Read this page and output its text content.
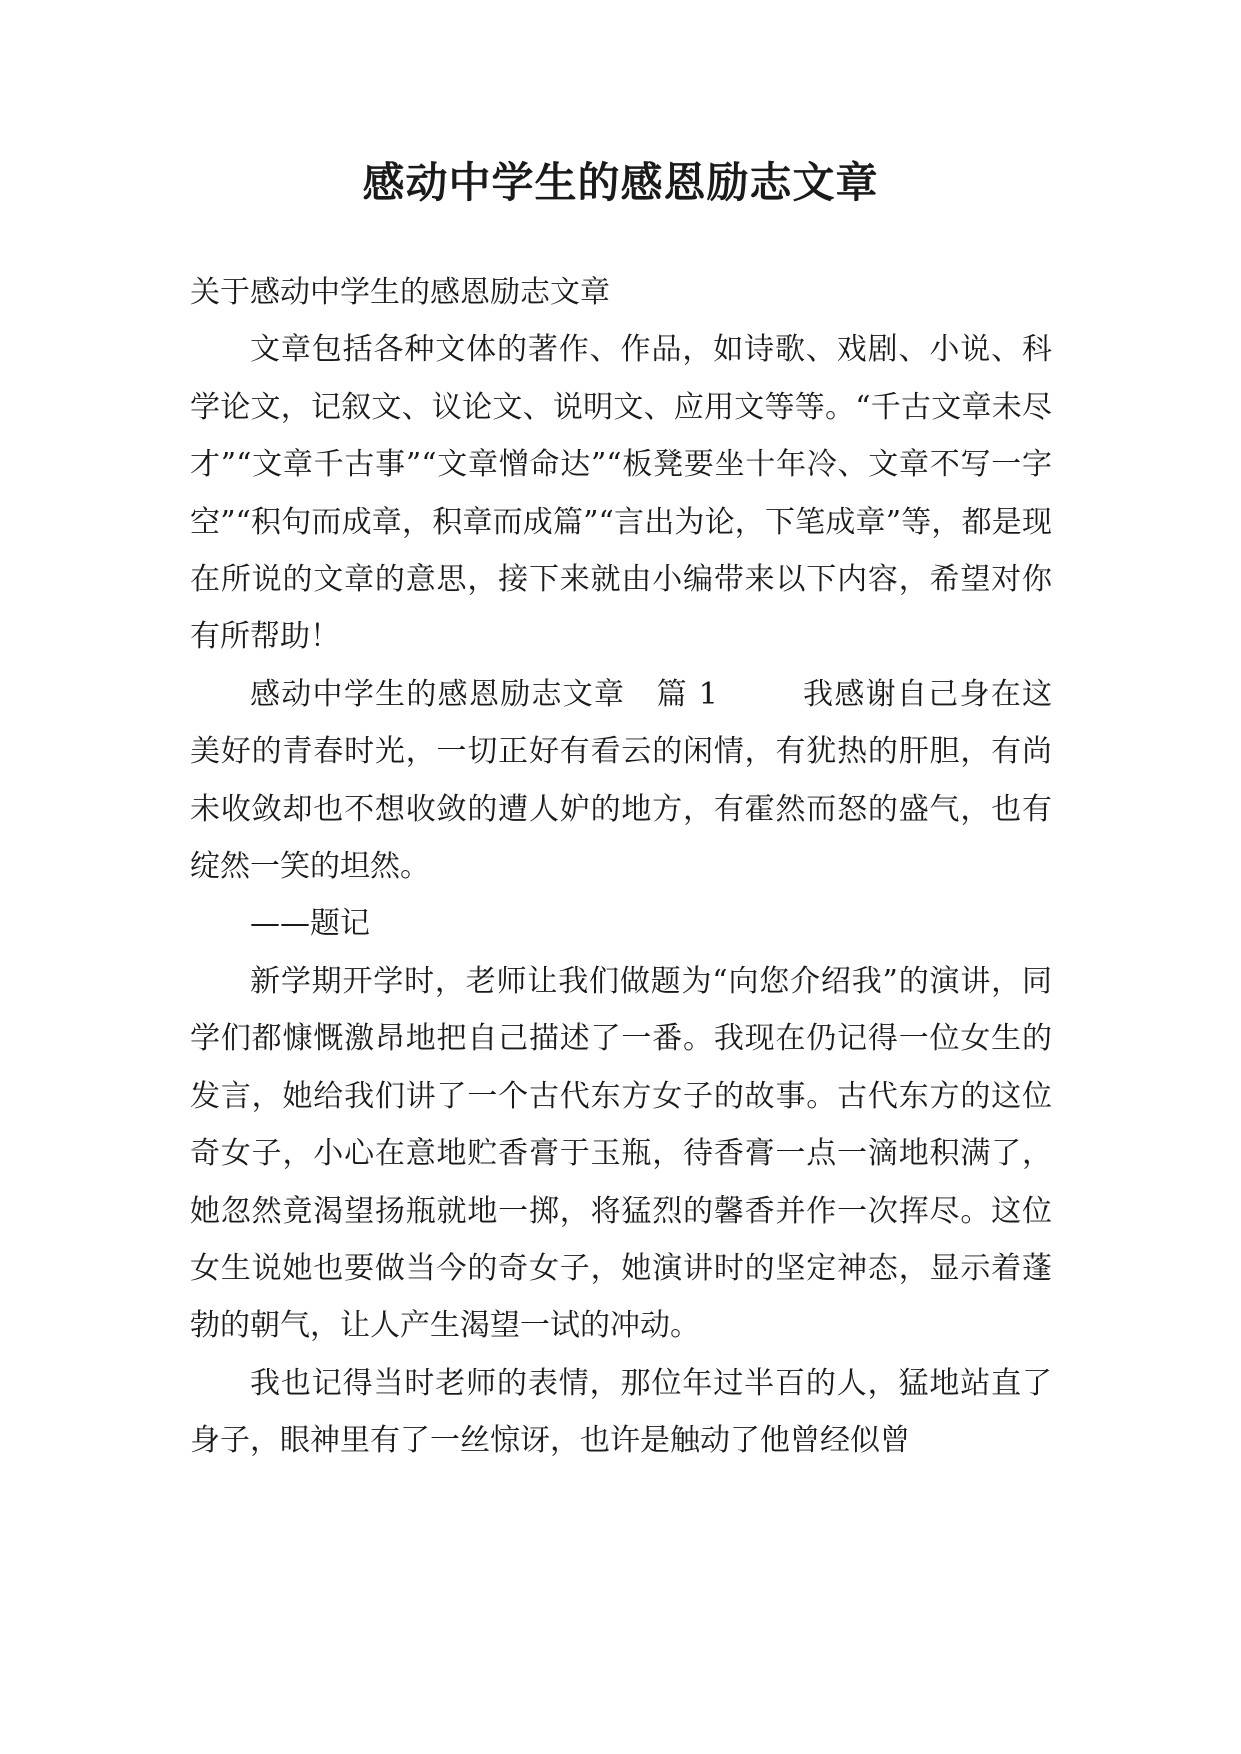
感动中学生的感恩励志文章

关于感动中学生的感恩励志文章

文章包括各种文体的著作、作品，如诗歌、戏剧、小说、科学论文，记叙文、议论文、说明文、应用文等等。“千古文章未尽才”“文章千古事”“文章憎命达”“板凳要坐十年冷、文章不写一字空”“积句而成章，积章而成篇”“言出为论，下笔成章”等，都是现在所说的文章的意思，接下来就由小编带来以下内容，希望对你有所帮助！

感动中学生的感恩励志文章　篇 1	我感谢自己身在这美好的青春时光，一切正好有看云的闲情，有犹热的肝胆，有尚未收敛却也不想收敛的遭人妒的地方，有霍然而怒的盛气，也有绽然一笑的坦然。

——题记

新学期开学时，老师让我们做题为“向您介绍我”的演讲，同学们都慷慨激昂地把自己描述了一番。我现在仍记得一位女生的发言，她给我们讲了一个古代东方女子的故事。古代东方的这位奇女子，小心在意地贮香膏于玉瓶，待香膏一点一滴地积满了，她忽然竟渴望扬瓶就地一掷，将猛烈的馨香并作一次挥尽。这位女生说她也要做当今的奇女子，她演讲时的坚定神态，显示着蓬勃的朝气，让人产生渴望一试的冲动。

我也记得当时老师的表情，那位年过半百的人，猛地站直了身子，眼神里有了一丝惊讶，也许是触动了他曾经似曾
